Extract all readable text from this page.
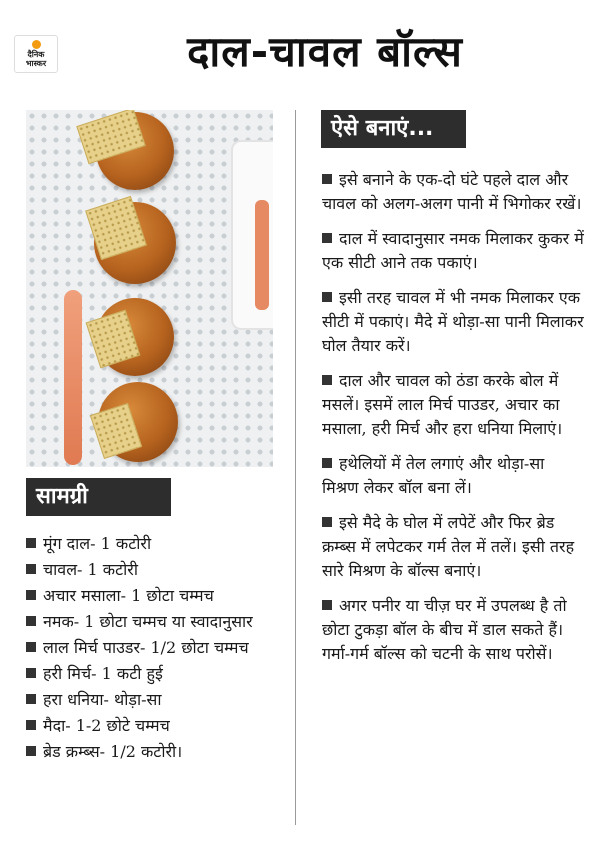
दैनिक
भास्कर	दाल-चावल बॉल्स
सामग्री
मूंग दाल- 1 कटोरी
चावल- 1 कटोरी
अचार मसाला- 1 छोटा चम्मच
नमक- 1 छोटा चम्मच या स्वादानुसार
लाल मिर्च पाउडर- 1/2 छोटा चम्मच
हरी मिर्च- 1 कटी हुई
हरा धनिया- थोड़ा-सा
मैदा- 1-2 छोटे चम्मच
ब्रेड क्रम्ब्स- 1/2 कटोरी।
ऐसे बनाएं...

इसे बनाने के एक-दो घंटे पहले दाल और चावल को अलग-अलग पानी में भिगोकर रखें।

दाल में स्वादानुसार नमक मिलाकर कुकर में एक सीटी आने तक पकाएं।

इसी तरह चावल में भी नमक मिलाकर एक सीटी में पकाएं। मैदे में थोड़ा-सा पानी मिलाकर घोल तैयार करें।

दाल और चावल को ठंडा करके बोल में मसलें। इसमें लाल मिर्च पाउडर, अचार का मसाला, हरी मिर्च और हरा धनिया मिलाएं।

हथेलियों में तेल लगाएं और थोड़ा-सा मिश्रण लेकर बॉल बना लें।

इसे मैदे के घोल में लपेटें और फिर ब्रेड क्रम्ब्स में लपेटकर गर्म तेल में तलें। इसी तरह सारे मिश्रण के बॉल्स बनाएं।

अगर पनीर या चीज़ घर में उपलब्ध है तो छोटा टुकड़ा बॉल के बीच में डाल सकते हैं। गर्मा-गर्म बॉल्स को चटनी के साथ परोसें।
